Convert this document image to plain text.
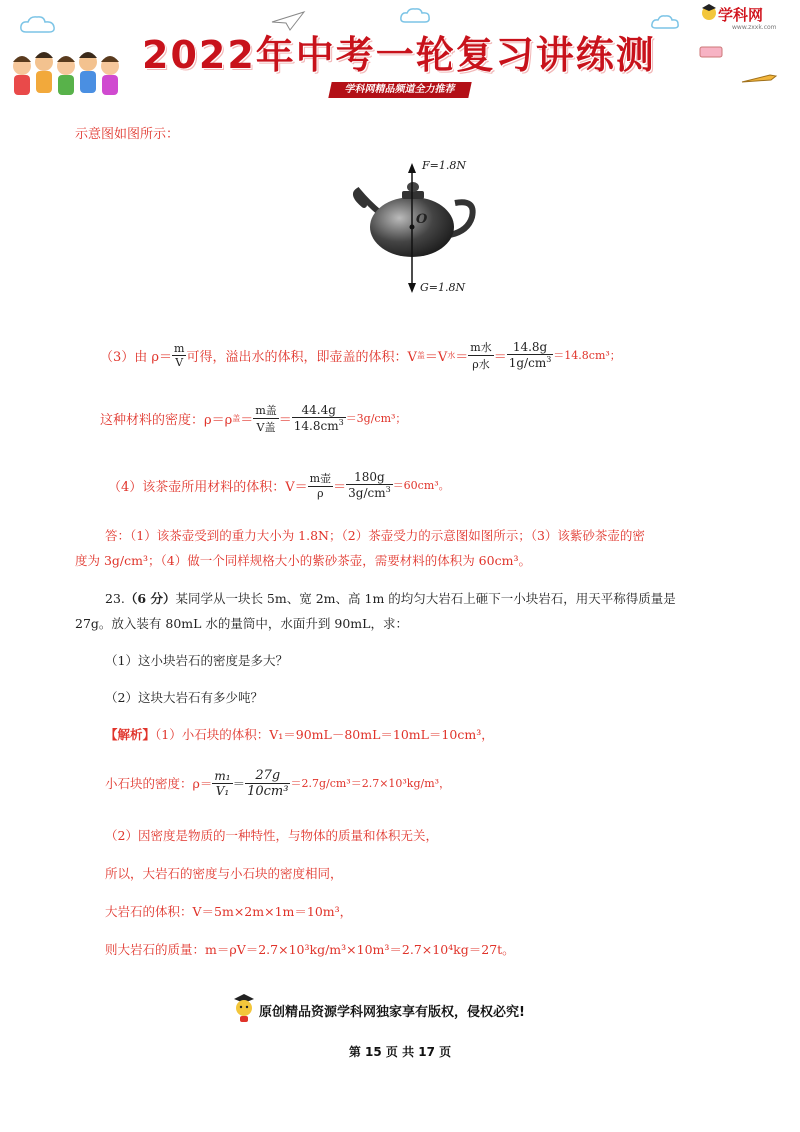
2022年中考一轮复习讲练测
学科网精品频道全力推荐
学科网
www.zxxk.com
示意图如图所示：
F=1.8N
O
G=1.8N
（3）由 $\rho= \frac{m}{V}$ 可得，溢出水的体积，即壶盖的体积：V 盖 ＝V 水 ＝ $\frac{\text{m水}}{\text{ρ水}} = \frac{14.8g}{1g/cm^3} =14.8cm^3$；
这种材料的密度：ρ＝ρ 盖 ＝ $\frac{\text{m盖}}{\text{V盖}} = \frac{44.4g}{14.8cm^3} =3g/cm^3$；
（4）该茶壶所用材料的体积：$V= \frac{\text{m壶}}{\rho} = \frac{180g}{3g/cm^3} =60cm^3$。
答：（1）该茶壶受到的重力大小为 1.8N；（2）茶壶受力的示意图如图所示；（3）该紫砂茶壶的密
度为 3g/cm³；（4）做一个同样规格大小的紫砂茶壶，需要材料的体积为 60cm³。
23.（6 分）某同学从一块长 5m、宽 2m、高 1m 的均匀大岩石上砸下一小块岩石，用天平称得质量是
27g。放入装有 80mL 水的量筒中，水面升到 90mL，求：
（1）这小块岩石的密度是多大？
（2）这块大岩石有多少吨？
【解析】（1）小石块的体积：V₁＝90mL－80mL＝10mL＝10cm³，
小石块的密度：$\rho= \frac{\text{m₁}}{\text{V₁}} = \frac{27g}{\text{10cm³}} =2.7g/cm^3=2.7\times 10^3kg/m^3$，
（2）因密度是物质的一种特性，与物体的质量和体积无关，
所以，大岩石的密度与小石块的密度相同，
大岩石的体积：V＝5m×2m×1m＝10m³，
则大岩石的质量：m＝ρV＝2.7×10³kg/m³×10m³＝2.7×10⁴kg＝27t。
原创精品资源学科网独家享有版权，侵权必究!
第 15 页 共 17 页
